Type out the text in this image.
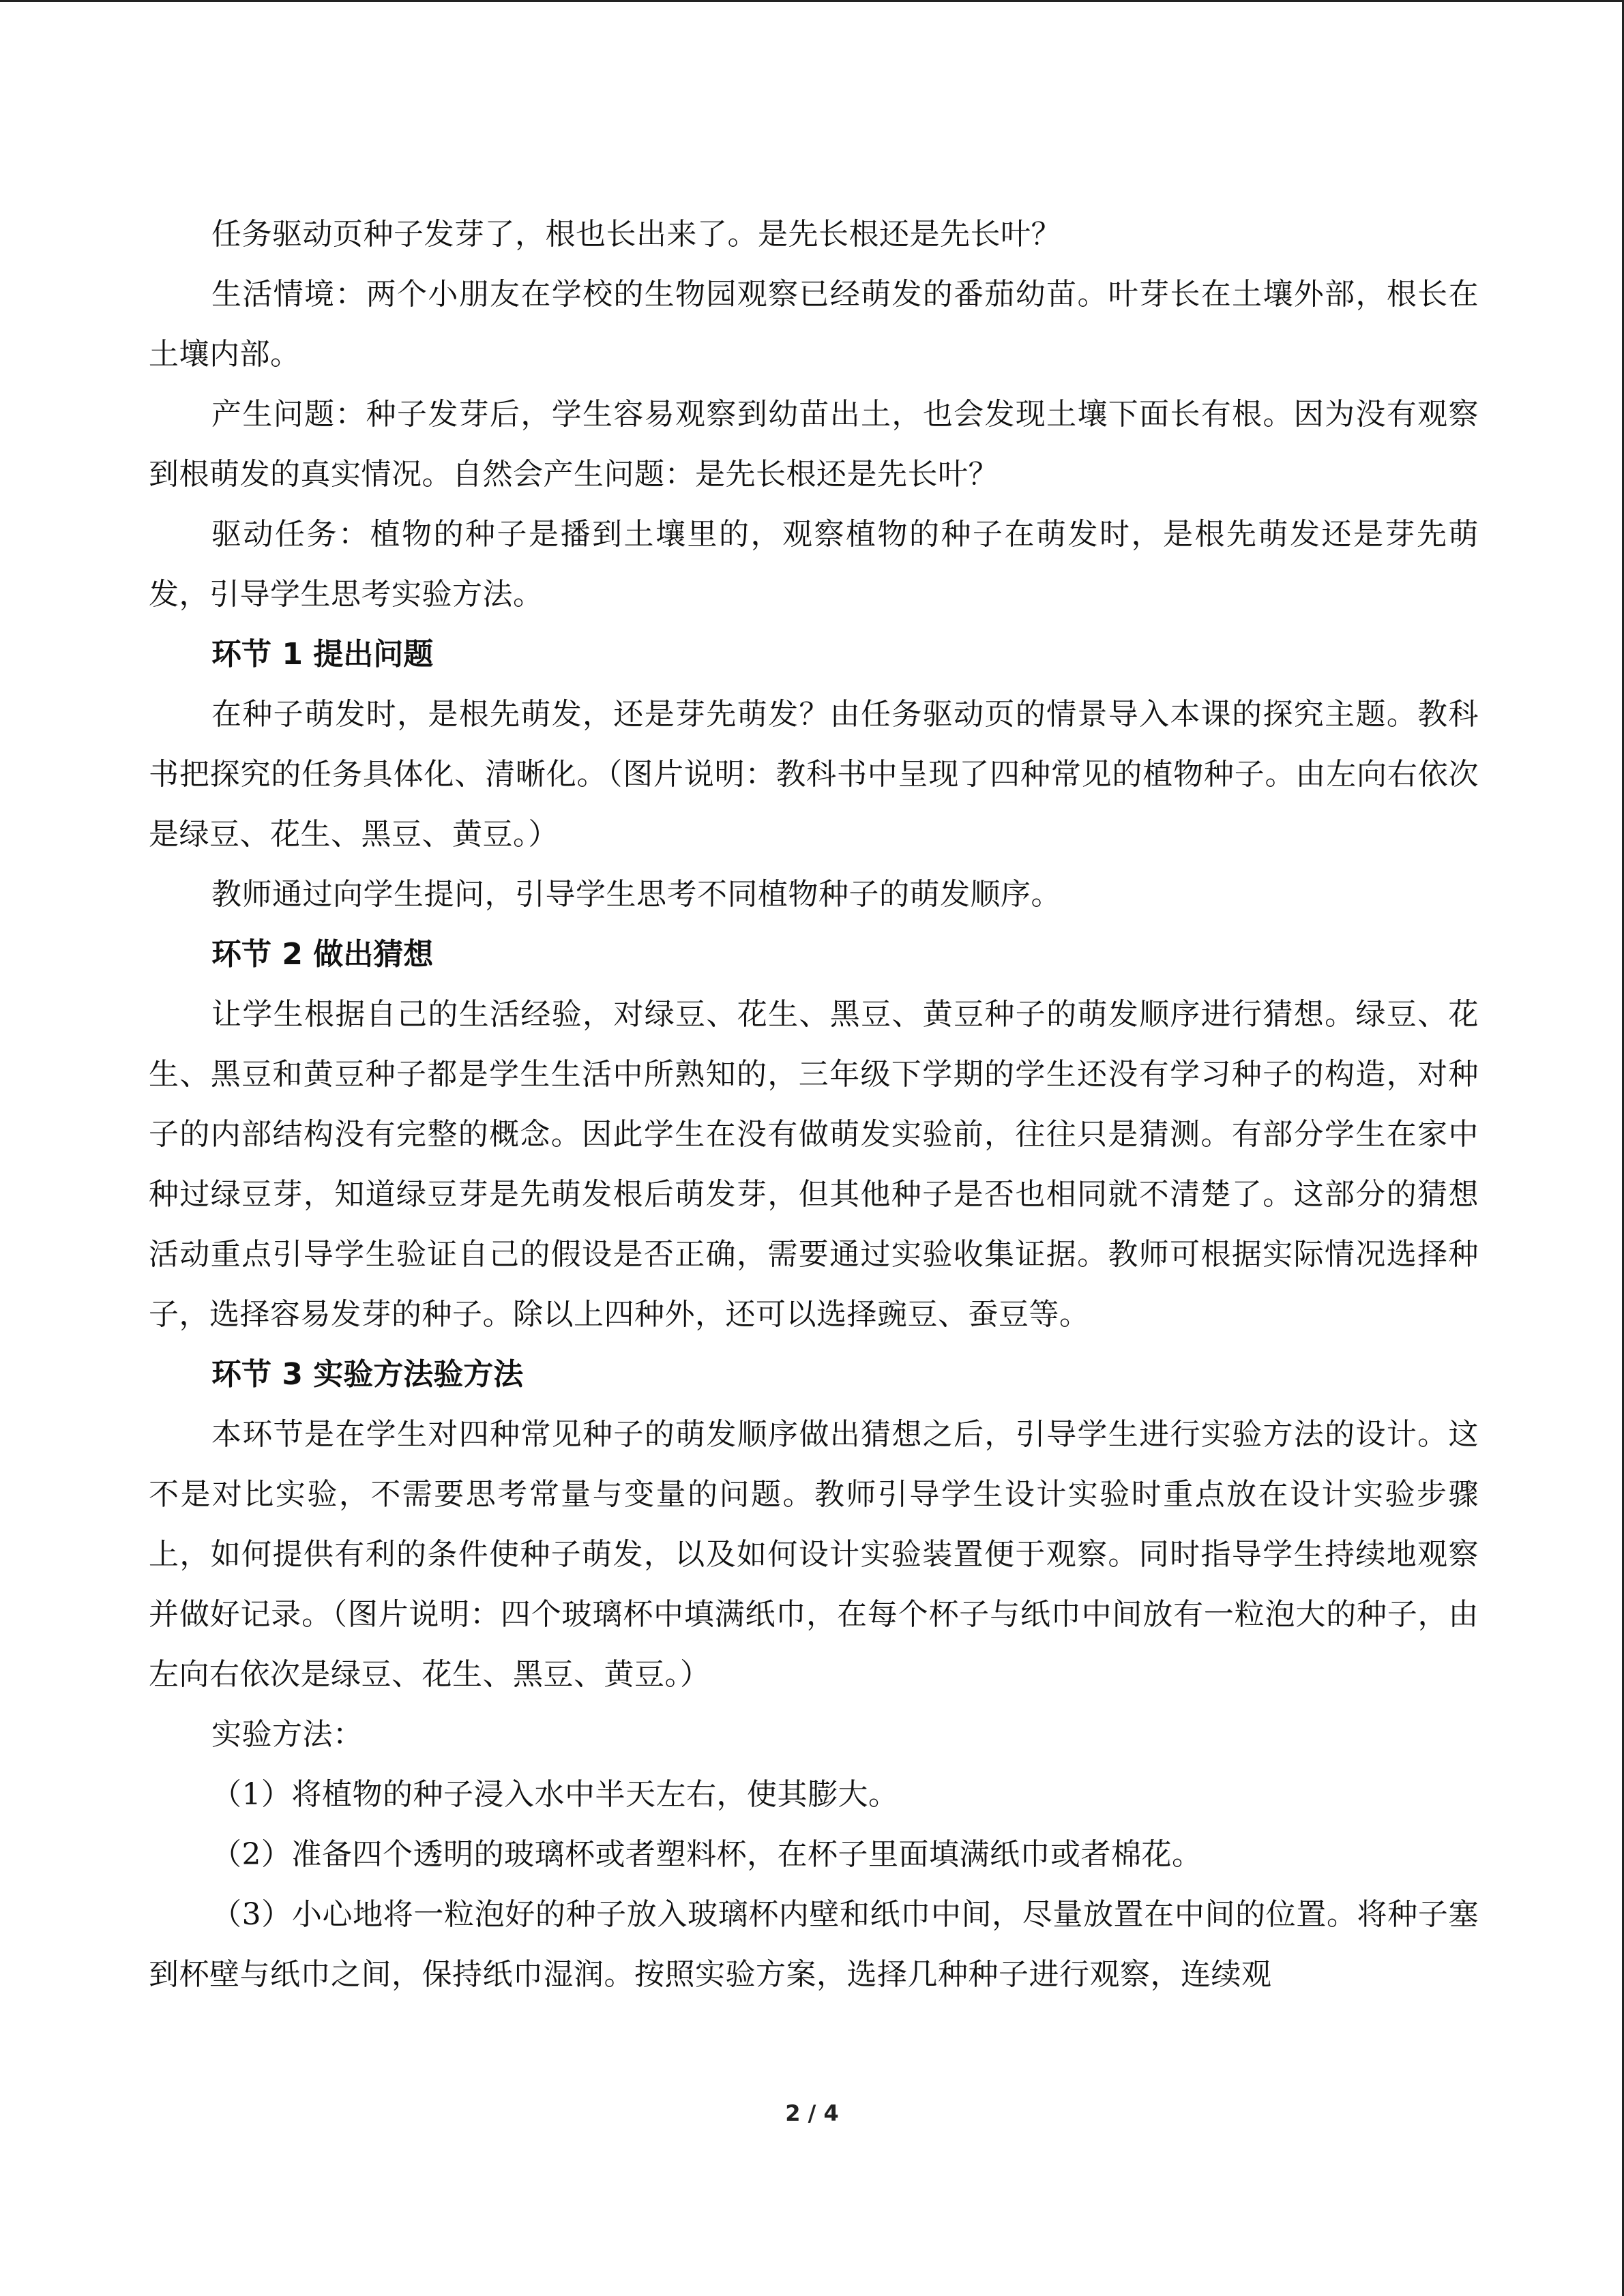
任务驱动页种子发芽了，根也长出来了。是先长根还是先长叶？

生活情境：两个小朋友在学校的生物园观察已经萌发的番茄幼苗。叶芽长在土壤外部，根长在土壤内部。

产生问题：种子发芽后，学生容易观察到幼苗出土，也会发现土壤下面长有根。因为没有观察到根萌发的真实情况。自然会产生问题：是先长根还是先长叶？

驱动任务：植物的种子是播到土壤里的，观察植物的种子在萌发时，是根先萌发还是芽先萌发，引导学生思考实验方法。

环节 1 提出问题

在种子萌发时，是根先萌发，还是芽先萌发？由任务驱动页的情景导入本课的探究主题。教科书把探究的任务具体化、清晰化。（图片说明：教科书中呈现了四种常见的植物种子。由左向右依次是绿豆、花生、黑豆、黄豆。）

教师通过向学生提问，引导学生思考不同植物种子的萌发顺序。

环节 2 做出猜想

让学生根据自己的生活经验，对绿豆、花生、黑豆、黄豆种子的萌发顺序进行猜想。绿豆、花生、黑豆和黄豆种子都是学生生活中所熟知的，三年级下学期的学生还没有学习种子的构造，对种子的内部结构没有完整的概念。因此学生在没有做萌发实验前，往往只是猜测。有部分学生在家中种过绿豆芽，知道绿豆芽是先萌发根后萌发芽，但其他种子是否也相同就不清楚了。这部分的猜想活动重点引导学生验证自己的假设是否正确，需要通过实验收集证据。教师可根据实际情况选择种子，选择容易发芽的种子。除以上四种外，还可以选择豌豆、蚕豆等。

环节 3 实验方法验方法

本环节是在学生对四种常见种子的萌发顺序做出猜想之后，引导学生进行实验方法的设计。这不是对比实验，不需要思考常量与变量的问题。教师引导学生设计实验时重点放在设计实验步骤上，如何提供有利的条件使种子萌发，以及如何设计实验装置便于观察。同时指导学生持续地观察并做好记录。（图片说明：四个玻璃杯中填满纸巾，在每个杯子与纸巾中间放有一粒泡大的种子，由左向右依次是绿豆、花生、黑豆、黄豆。）

实验方法：

（1）将植物的种子浸入水中半天左右，使其膨大。

（2）准备四个透明的玻璃杯或者塑料杯，在杯子里面填满纸巾或者棉花。

（3）小心地将一粒泡好的种子放入玻璃杯内壁和纸巾中间，尽量放置在中间的位置。将种子塞到杯壁与纸巾之间，保持纸巾湿润。按照实验方案，选择几种种子进行观察，连续观

2 / 4
